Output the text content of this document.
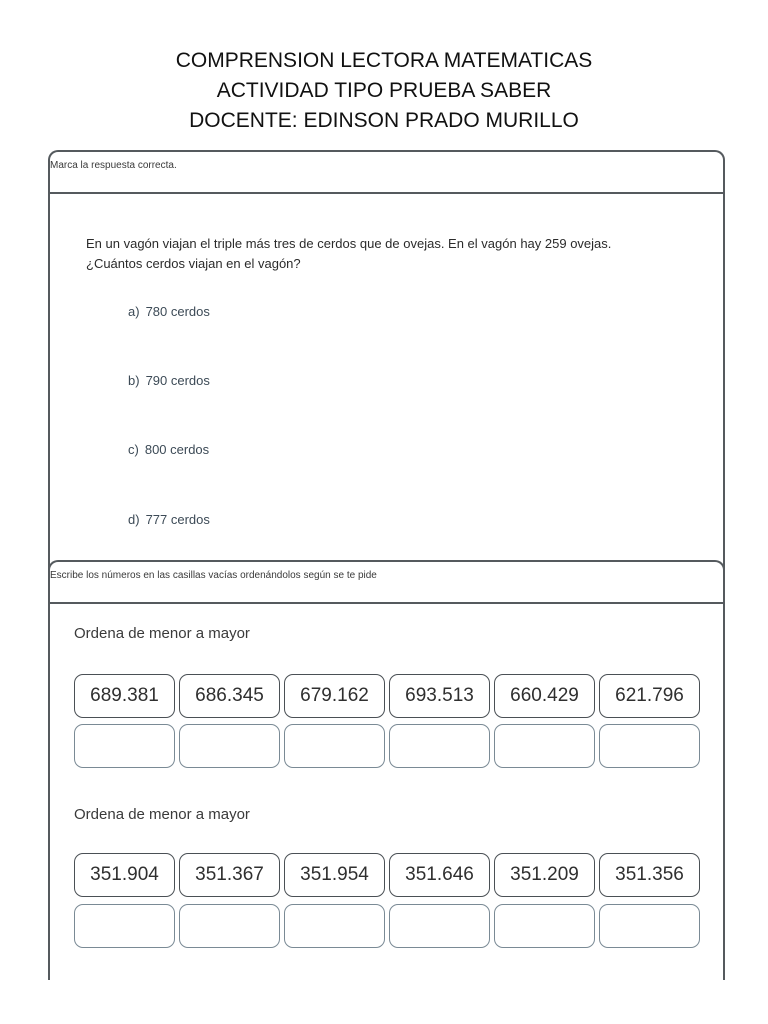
COMPRENSION LECTORA MATEMATICAS
ACTIVIDAD TIPO PRUEBA SABER
DOCENTE: EDINSON PRADO MURILLO
Marca la respuesta correcta.
En un vagón viajan el triple más tres de cerdos que de ovejas. En el vagón hay 259 ovejas.
¿Cuántos cerdos viajan en el vagón?
a) 780 cerdos
b) 790 cerdos
c) 800 cerdos
d) 777 cerdos
Escribe los números en las casillas vacías ordenándolos según se te pide
Ordena de menor a mayor
689.381	686.345	679.162	693.513	660.429	621.796
Ordena de menor a mayor
351.904	351.367	351.954	351.646	351.209	351.356
